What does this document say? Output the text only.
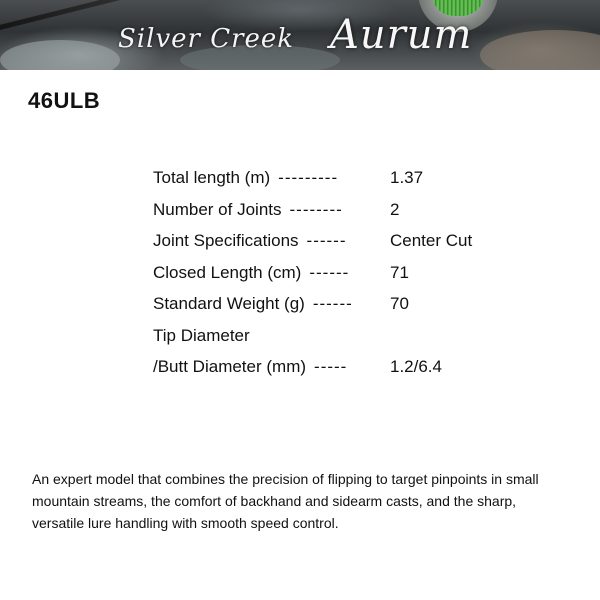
Silver Creek Aurum
46ULB
Total length (m) ---------	1.37
Number of Joints --------	2
Joint Specifications ------	Center Cut
Closed Length (cm) ------ 71
Standard Weight (g) ------ 70
Tip Diameter
/Butt Diameter (mm) -----	1.2/6.4

An expert model that combines the precision of flipping to target pinpoints in small mountain streams, the comfort of backhand and sidearm casts, and the sharp, versatile lure handling with smooth speed control.
